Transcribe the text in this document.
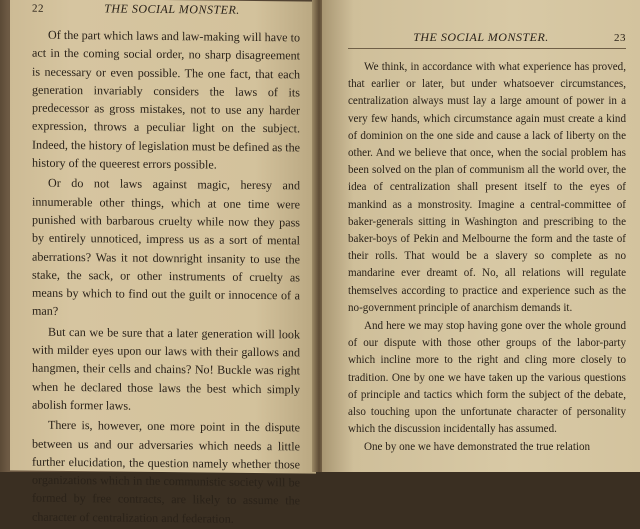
22	THE SOCIAL MONSTER.

Of the part which laws and law-making will have to act in the coming social order, no sharp disagreement is necessary or even possible. The one fact, that each generation invariably considers the laws of its predecessor as gross mistakes, not to use any harder expression, throws a peculiar light on the subject. Indeed, the history of legislation must be defined as the history of the queerest errors possible.

Or do not laws against magic, heresy and innumerable other things, which at one time were punished with barbarous cruelty while now they pass by entirely unnoticed, impress us as a sort of mental aberrations? Was it not downright insanity to use the stake, the sack, or other instruments of cruelty as means by which to find out the guilt or innocence of a man?

But can we be sure that a later generation will look with milder eyes upon our laws with their gallows and hangmen, their cells and chains? No! Buckle was right when he declared those laws the best which simply abolish former laws.

There is, however, one more point in the dispute between us and our adversaries which needs a little further elucidation, the question namely whether those organizations which in the communistic society will be formed by free contracts, are likely to assume the character of centralization and federation.

THE SOCIAL MONSTER.	23

We think, in accordance with what experience has proved, that earlier or later, but under whatsoever circumstances, centralization always must lay a large amount of power in a very few hands, which circumstance again must create a kind of dominion on the one side and cause a lack of liberty on the other. And we believe that once, when the social problem has been solved on the plan of communism all the world over, the idea of centralization shall present itself to the eyes of mankind as a monstrosity. Imagine a central-committee of baker-generals sitting in Washington and prescribing to the baker-boys of Pekin and Melbourne the form and the taste of their rolls. That would be a slavery so complete as no mandarine ever dreamt of. No, all relations will regulate themselves according to practice and experience such as the no-government principle of anarchism demands it.

And here we may stop having gone over the whole ground of our dispute with those other groups of the labor-party which incline more to the right and cling more closely to tradition. One by one we have taken up the various questions of principle and tactics which form the subject of the debate, also touching upon the unfortunate character of personality which the discussion incidentally has assumed.

One by one we have demonstrated the true relation
